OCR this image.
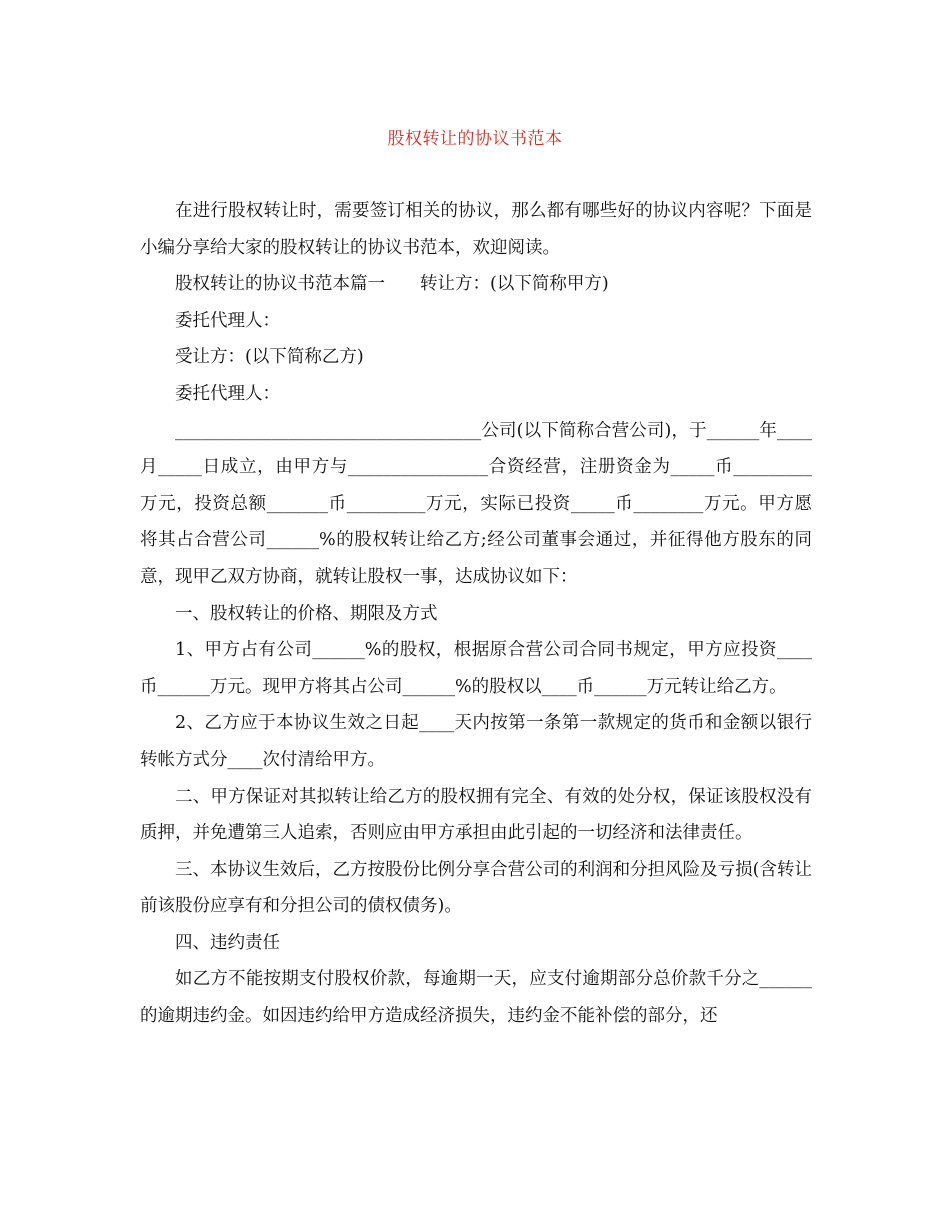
股权转让的协议书范本

在进行股权转让时，需要签订相关的协议，那么都有哪些好的协议内容呢？下面是小编分享给大家的股权转让的协议书范本，欢迎阅读。

股权转让的协议书范本篇一　　转让方：(以下简称甲方)

委托代理人：

受让方：(以下简称乙方)

委托代理人：

___________________________________公司(以下简称合营公司)，于______年____月_____日成立，由甲方与________________合资经营，注册资金为_____币_________万元，投资总额_______币_________万元，实际已投资_____币________万元。甲方愿将其占合营公司______%的股权转让给乙方;经公司董事会通过，并征得他方股东的同意，现甲乙双方协商，就转让股权一事，达成协议如下：

一、股权转让的价格、期限及方式

1、甲方占有公司______%的股权，根据原合营公司合同书规定，甲方应投资____币______万元。现甲方将其占公司______%的股权以____币______万元转让给乙方。

2、乙方应于本协议生效之日起____天内按第一条第一款规定的货币和金额以银行转帐方式分____次付清给甲方。

二、甲方保证对其拟转让给乙方的股权拥有完全、有效的处分权，保证该股权没有质押，并免遭第三人追索，否则应由甲方承担由此引起的一切经济和法律责任。

三、本协议生效后，乙方按股份比例分享合营公司的利润和分担风险及亏损(含转让前该股份应享有和分担公司的债权债务)。

四、违约责任

如乙方不能按期支付股权价款，每逾期一天，应支付逾期部分总价款千分之______的逾期违约金。如因违约给甲方造成经济损失，违约金不能补偿的部分，还
